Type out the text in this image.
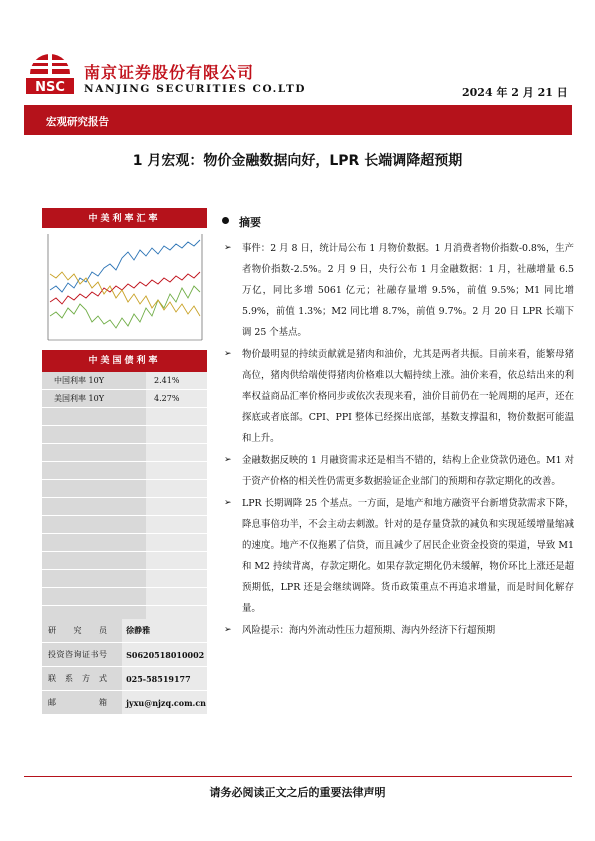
NSC
南京证券股份有限公司
NANJING SECURITIES CO.LTD	2024 年 2 月 21 日
宏观研究报告
1 月宏观：物价金融数据向好，LPR 长端调降超预期
中美利率汇率
中美国债利率
中国利率 10Y	2.41%
美国利率 10Y	4.27%

研　　究　　员	徐静雅
投资咨询证书号	S0620518010002
联　系　方　式	025-58519177
邮　　　　　箱	jyxu@njzq.com.cn
摘要
➢ 事件：2 月 8 日，统计局公布 1 月物价数据。1 月消费者物价指数-0.8%，生产者物价指数-2.5%。2 月 9 日，央行公布 1 月金融数据：1 月，社融增量 6.5 万亿，同比多增 5061 亿元；社融存量增 9.5%，前值 9.5%；M1 同比增 5.9%，前值 1.3%；M2 同比增 8.7%，前值 9.7%。2 月 20 日 LPR 长端下调 25 个基点。
➢ 物价最明显的持续贡献就是猪肉和油价，尤其是两者共振。目前来看，能繁母猪高位，猪肉供给端使得猪肉价格难以大幅持续上涨。油价来看，依总结出来的利率权益商品汇率价格同步或依次表现来看，油价目前仍在一轮周期的尾声，还在探底或者底部。CPI、PPI 整体已经探出底部，基数支撑温和，物价数据可能温和上升。
➢ 金融数据反映的 1 月融资需求还是相当不错的，结构上企业贷款仍逊色。M1 对于资产价格的相关性仍需更多数据验证企业部门的预期和存款定期化的改善。
➢ LPR 长期调降 25 个基点。一方面，是地产和地方融资平台新增贷款需求下降，降息事倍功半，不会主动去刺激。针对的是存量贷款的减负和实现延缓增量缩减的速度。地产不仅拖累了信贷，而且减少了居民企业资金投资的渠道，导致 M1 和 M2 持续背离，存款定期化。如果存款定期化仍未缓解，物价环比上涨还是超预期低，LPR 还是会继续调降。货币政策重点不再追求增量，而是时间化解存量。
➢ 风险提示：海内外流动性压力超预期、海内外经济下行超预期
请务必阅读正文之后的重要法律声明
